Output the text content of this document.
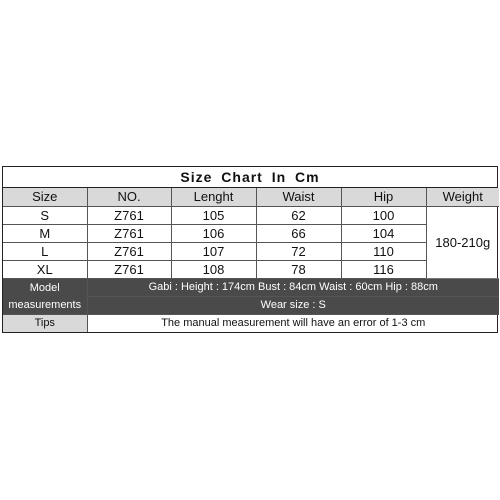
Size Chart In Cm
Size	NO.	Lenght	Waist	Hip	Weight
S	Z761	105	62	100	180-210g
M	Z761	106	66	104	
L	Z761	107	72	110	
XL	Z761	108	78	116	

Model
measurements	Gabi : Height : 174cm Bust : 84cm Waist : 60cm Hip : 88cm				
	Wear size : S				
Tips	The manual measurement will have an error of 1-3 cm				
